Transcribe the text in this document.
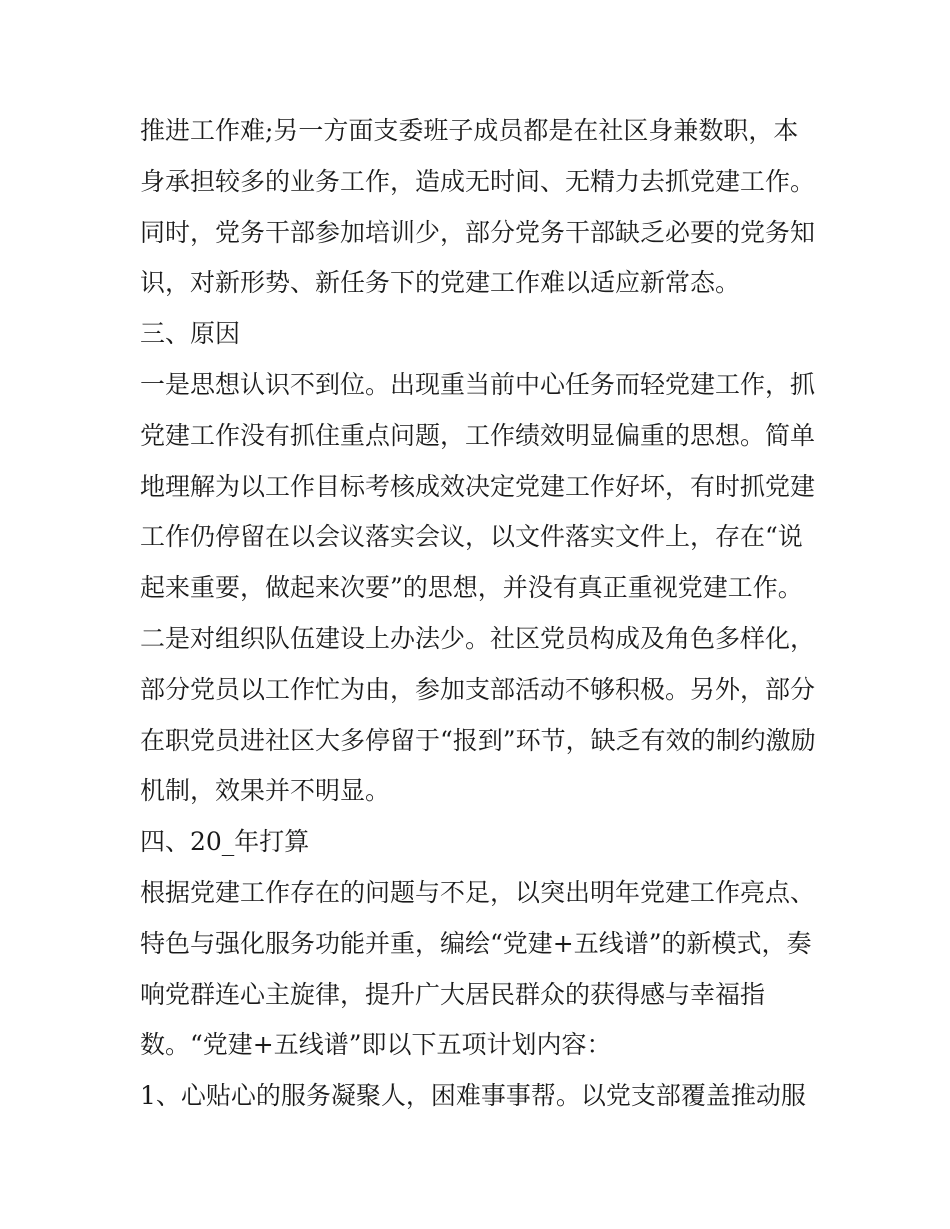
推进工作难;另一方面支委班子成员都是在社区身兼数职，本
身承担较多的业务工作，造成无时间、无精力去抓党建工作。
同时，党务干部参加培训少，部分党务干部缺乏必要的党务知
识，对新形势、新任务下的党建工作难以适应新常态。
三、原因
一是思想认识不到位。出现重当前中心任务而轻党建工作，抓
党建工作没有抓住重点问题，工作绩效明显偏重的思想。简单
地理解为以工作目标考核成效决定党建工作好坏，有时抓党建
工作仍停留在以会议落实会议，以文件落实文件上，存在“说
起来重要，做起来次要”的思想，并没有真正重视党建工作。
二是对组织队伍建设上办法少。社区党员构成及角色多样化，
部分党员以工作忙为由，参加支部活动不够积极。另外，部分
在职党员进社区大多停留于“报到”环节，缺乏有效的制约激励
机制，效果并不明显。
四、20_年打算
根据党建工作存在的问题与不足，以突出明年党建工作亮点、
特色与强化服务功能并重，编绘“党建+五线谱”的新模式，奏
响党群连心主旋律，提升广大居民群众的获得感与幸福指
数。“党建+五线谱”即以下五项计划内容：
1、心贴心的服务凝聚人，困难事事帮。以党支部覆盖推动服
